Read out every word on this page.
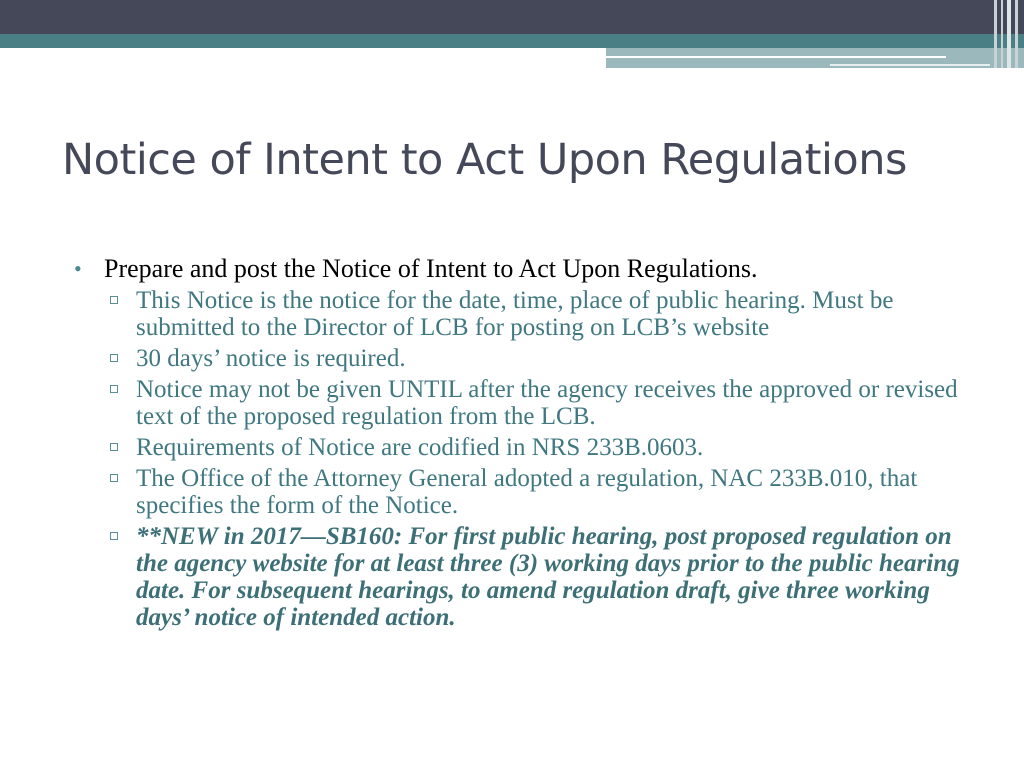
Notice of Intent to Act Upon Regulations
• Prepare and post the Notice of Intent to Act Upon Regulations.
This Notice is the notice for the date, time, place of public hearing. Must be submitted to the Director of LCB for posting on LCB’s website
30 days’ notice is required.
Notice may not be given UNTIL after the agency receives the approved or revised text of the proposed regulation from the LCB.
Requirements of Notice are codified in NRS 233B.0603.
The Office of the Attorney General adopted a regulation, NAC 233B.010, that specifies the form of the Notice.
**NEW in 2017—SB160: For first public hearing, post proposed regulation on the agency website for at least three (3) working days prior to the public hearing date. For subsequent hearings, to amend regulation draft, give three working days’ notice of intended action.
